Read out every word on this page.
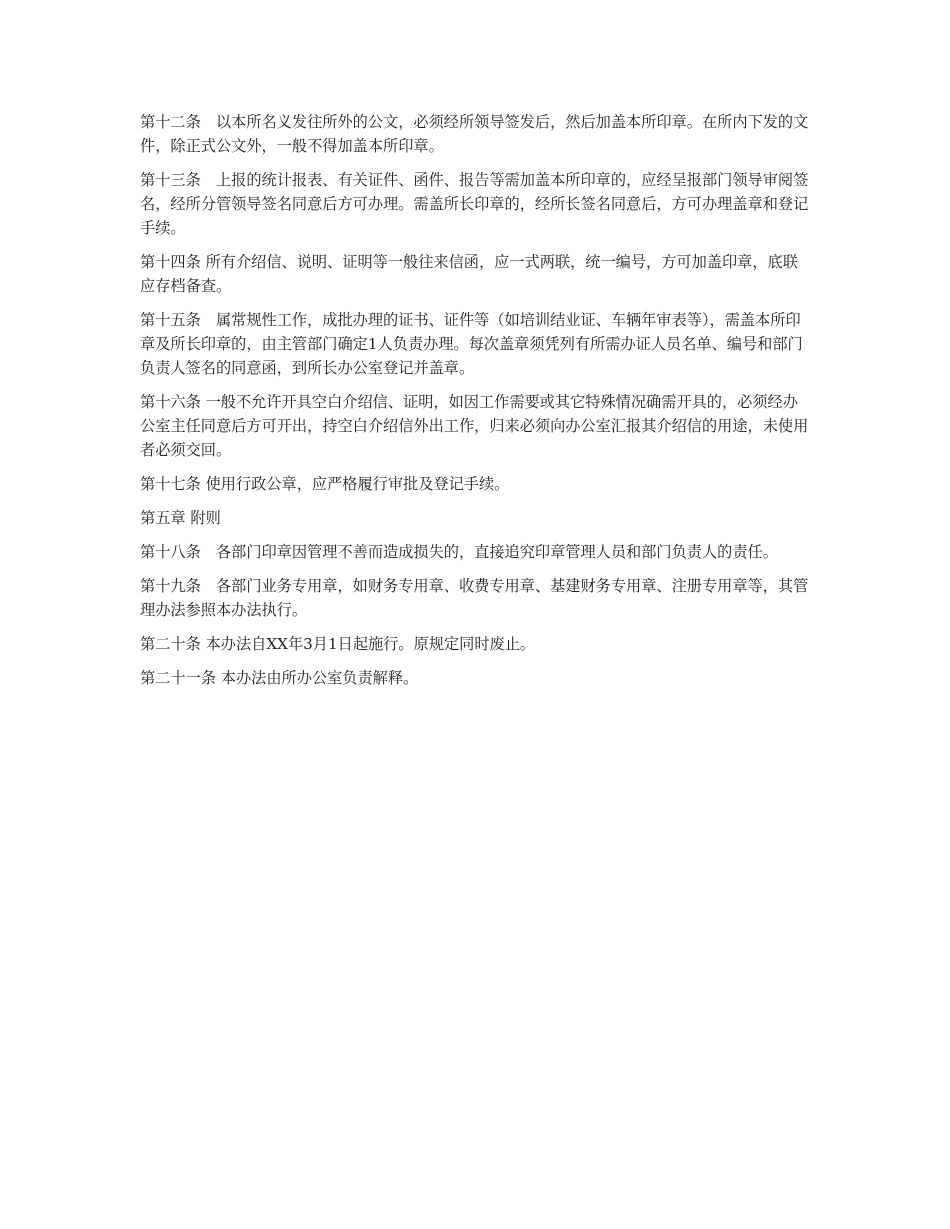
第十二条　以本所名义发往所外的公文，必须经所领导签发后，然后加盖本所印章。在所内下发的文件，除正式公文外，一般不得加盖本所印章。

第十三条　上报的统计报表、有关证件、函件、报告等需加盖本所印章的，应经呈报部门领导审阅签名，经所分管领导签名同意后方可办理。需盖所长印章的，经所长签名同意后，方可办理盖章和登记手续。

第十四条 所有介绍信、说明、证明等一般往来信函，应一式两联，统一编号，方可加盖印章，底联应存档备查。

第十五条　属常规性工作，成批办理的证书、证件等（如培训结业证、车辆年审表等），需盖本所印章及所长印章的，由主管部门确定1人负责办理。每次盖章须凭列有所需办证人员名单、编号和部门负责人签名的同意函，到所长办公室登记并盖章。

第十六条 一般不允许开具空白介绍信、证明，如因工作需要或其它特殊情况确需开具的，必须经办公室主任同意后方可开出，持空白介绍信外出工作，归来必须向办公室汇报其介绍信的用途，未使用者必须交回。

第十七条 使用行政公章，应严格履行审批及登记手续。

第五章 附则

第十八条　各部门印章因管理不善而造成损失的，直接追究印章管理人员和部门负责人的责任。

第十九条　各部门业务专用章，如财务专用章、收费专用章、基建财务专用章、注册专用章等，其管理办法参照本办法执行。

第二十条 本办法自XX年3月1日起施行。原规定同时废止。

第二十一条 本办法由所办公室负责解释。
